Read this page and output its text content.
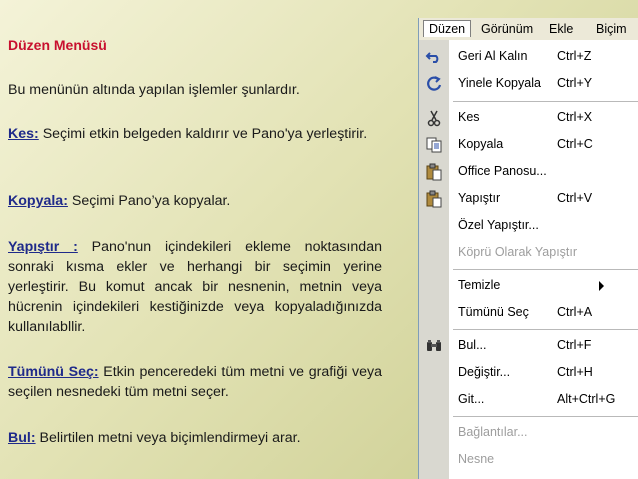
Düzen Menüsü
Bu menünün altında yapılan işlemler şunlardır.
Kes: Seçimi etkin belgeden kaldırır ve Pano'ya yerleştirir.
Kopyala: Seçimi Pano’ya kopyalar.
Yapıştır : Pano'nun içindekileri ekleme noktasından sonraki kısma ekler ve herhangi bir seçimin yerine yerleştirir. Bu komut ancak bir nesnenin, metnin veya hücrenin içindekileri kestiğinizde veya kopyaladığınızda kullanılabllir.
Tümünü Seç: Etkin penceredeki tüm metni ve grafiği veya seçilen nesnedeki tüm metni seçer.
Bul: Belirtilen metni veya biçimlendirmeyi arar.
Düzen	Görünüm Ekle Biçim
Geri Al Kalın Ctrl+Z
Yinele Kopyala Ctrl+Y
Kes	Ctrl+X
Kopyala	Ctrl+C
Office Panosu...
Yapıştır	Ctrl+V
Özel Yapıştır...
Köprü Olarak Yapıştır
Temizle
Tümünü Seç Ctrl+A
Bul...	Ctrl+F
Değiştir...	Ctrl+H
Git...	Alt+Ctrl+G
Bağlantılar...
Nesne
